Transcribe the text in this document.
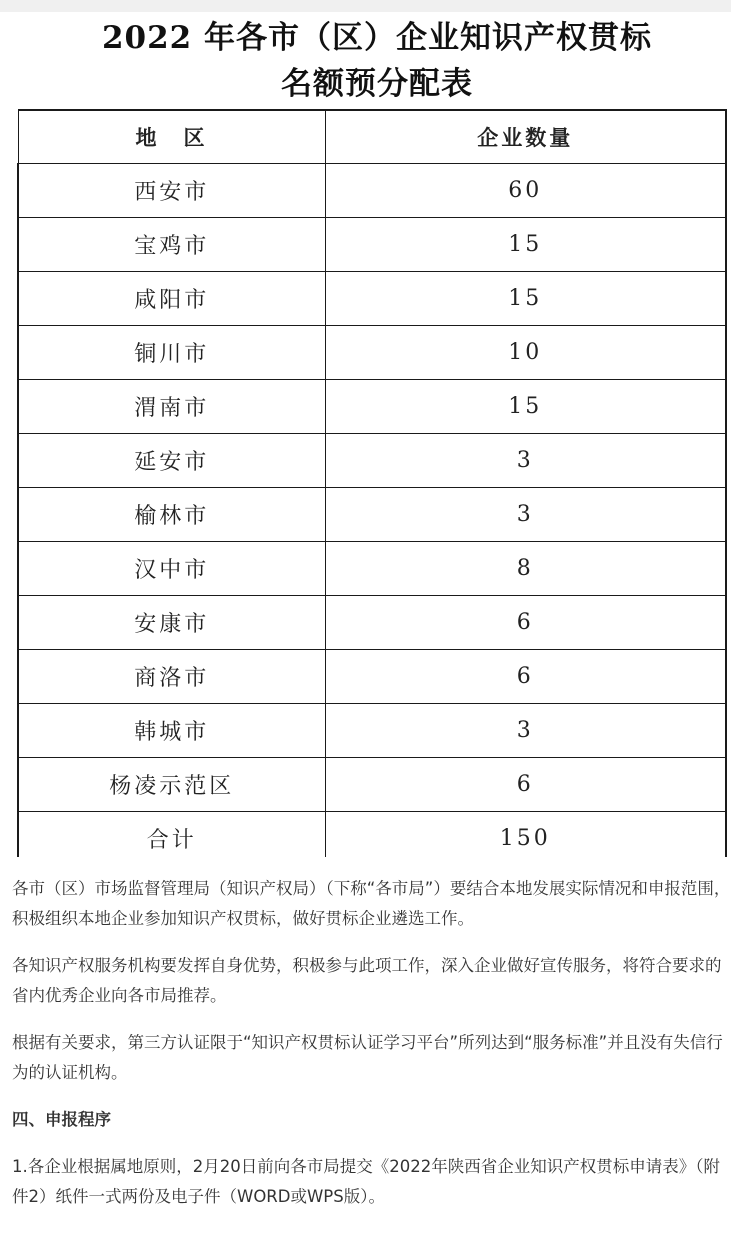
2022 年各市（区）企业知识产权贯标
名额预分配表
地　区	企业数量
西安市	60
宝鸡市	15
咸阳市	15
铜川市	10
渭南市	15
延安市	3
榆林市	3
汉中市	8
安康市	6
商洛市	6
韩城市	3
杨凌示范区	6
合计	150

各市（区）市场监督管理局（知识产权局）（下称“各市局”）要结合本地发展实际情况和申报范围，积极组织本地企业参加知识产权贯标，做好贯标企业遴选工作。

各知识产权服务机构要发挥自身优势，积极参与此项工作，深入企业做好宣传服务，将符合要求的省内优秀企业向各市局推荐。

根据有关要求，第三方认证限于“知识产权贯标认证学习平台”所列达到“服务标准”并且没有失信行为的认证机构。

四、申报程序

1.各企业根据属地原则，2月20日前向各市局提交《2022年陕西省企业知识产权贯标申请表》（附件2）纸件一式两份及电子件（WORD或WPS版）。
